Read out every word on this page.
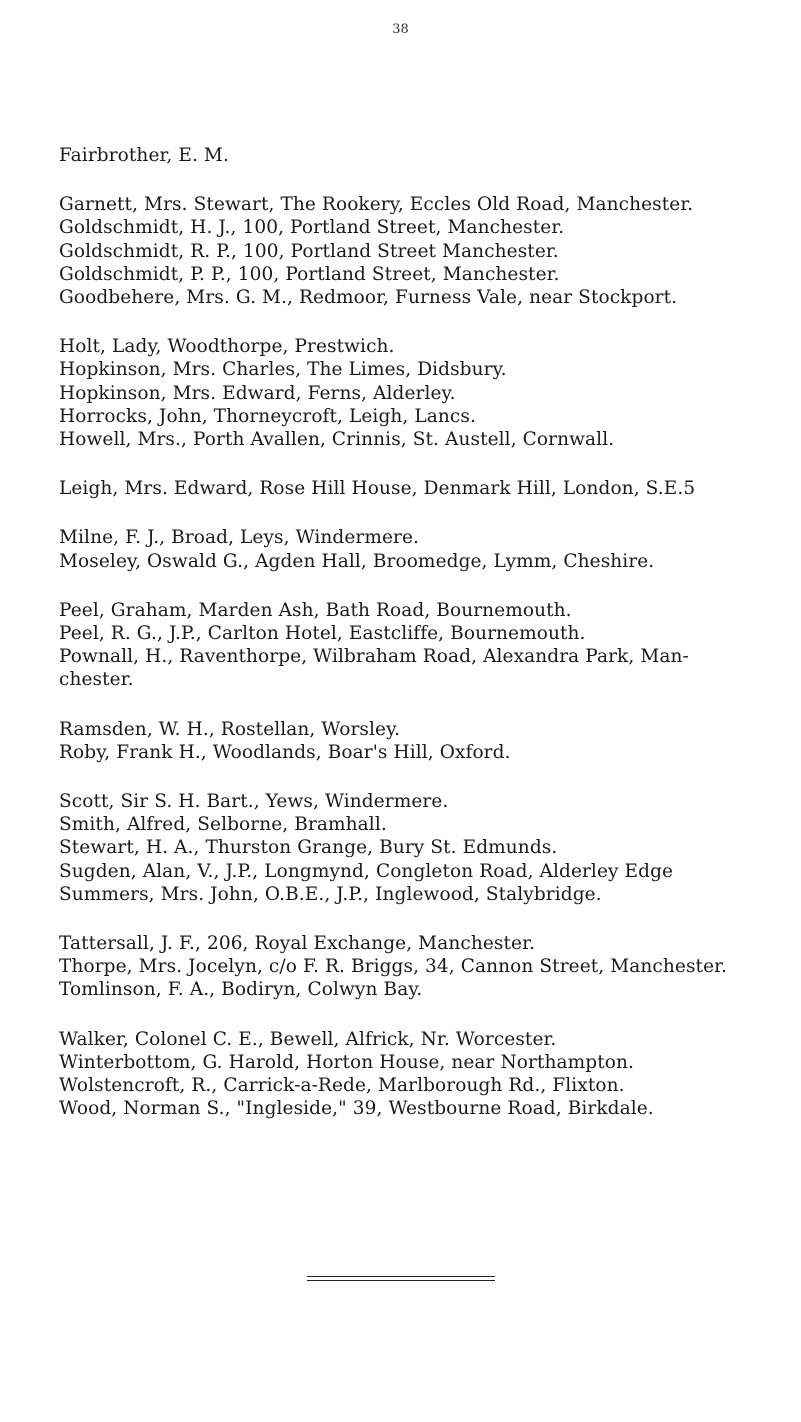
38
Fairbrother, E. M.
Garnett, Mrs. Stewart, The Rookery, Eccles Old Road, Manchester.
Goldschmidt, H. J., 100, Portland Street, Manchester.
Goldschmidt, R. P., 100, Portland Street Manchester.
Goldschmidt, P. P., 100, Portland Street, Manchester.
Goodbehere, Mrs. G. M., Redmoor, Furness Vale, near Stockport.
Holt, Lady, Woodthorpe, Prestwich.
Hopkinson, Mrs. Charles, The Limes, Didsbury.
Hopkinson, Mrs. Edward, Ferns, Alderley.
Horrocks, John, Thorneycroft, Leigh, Lancs.
Howell, Mrs., Porth Avallen, Crinnis, St. Austell, Cornwall.
Leigh, Mrs. Edward, Rose Hill House, Denmark Hill, London, S.E.5
Milne, F. J., Broad, Leys, Windermere.
Moseley, Oswald G., Agden Hall, Broomedge, Lymm, Cheshire.
Peel, Graham, Marden Ash, Bath Road, Bournemouth.
Peel, R. G., J.P., Carlton Hotel, Eastcliffe, Bournemouth.
Pownall, H., Raventhorpe, Wilbraham Road, Alexandra Park, Man-
chester.
Ramsden, W. H., Rostellan, Worsley.
Roby, Frank H., Woodlands, Boar's Hill, Oxford.
Scott, Sir S. H. Bart., Yews, Windermere.
Smith, Alfred, Selborne, Bramhall.
Stewart, H. A., Thurston Grange, Bury St. Edmunds.
Sugden, Alan, V., J.P., Longmynd, Congleton Road, Alderley Edge
Summers, Mrs. John, O.B.E., J.P., Inglewood, Stalybridge.
Tattersall, J. F., 206, Royal Exchange, Manchester.
Thorpe, Mrs. Jocelyn, c/o F. R. Briggs, 34, Cannon Street, Manchester.
Tomlinson, F. A., Bodiryn, Colwyn Bay.
Walker, Colonel C. E., Bewell, Alfrick, Nr. Worcester.
Winterbottom, G. Harold, Horton House, near Northampton.
Wolstencroft, R., Carrick-a-Rede, Marlborough Rd., Flixton.
Wood, Norman S., "Ingleside," 39, Westbourne Road, Birkdale.
